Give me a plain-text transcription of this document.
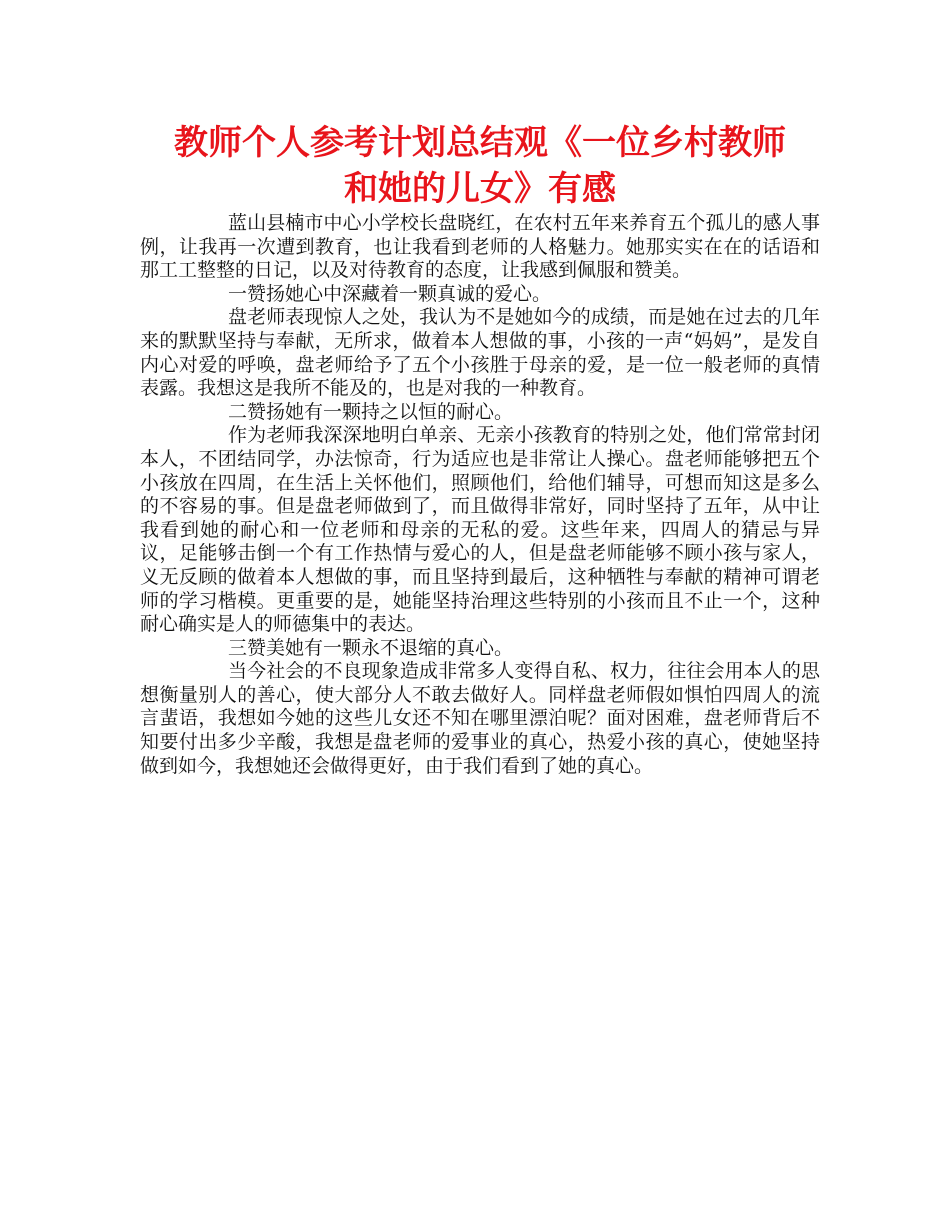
教师个人参考计划总结观《一位乡村教师
和她的儿女》有感

蓝山县楠市中心小学校长盘晓红，在农村五年来养育五个孤儿的感人事例，让我再一次遭到教育，也让我看到老师的人格魅力。她那实实在在的话语和那工工整整的日记，以及对待教育的态度，让我感到佩服和赞美。

一赞扬她心中深藏着一颗真诚的爱心。

盘老师表现惊人之处，我认为不是她如今的成绩，而是她在过去的几年来的默默坚持与奉献，无所求，做着本人想做的事，小孩的一声“妈妈”，是发自内心对爱的呼唤，盘老师给予了五个小孩胜于母亲的爱，是一位一般老师的真情表露。我想这是我所不能及的，也是对我的一种教育。

二赞扬她有一颗持之以恒的耐心。

作为老师我深深地明白单亲、无亲小孩教育的特别之处，他们常常封闭本人，不团结同学，办法惊奇，行为适应也是非常让人操心。盘老师能够把五个小孩放在四周，在生活上关怀他们，照顾他们，给他们辅导，可想而知这是多么的不容易的事。但是盘老师做到了，而且做得非常好，同时坚持了五年，从中让我看到她的耐心和一位老师和母亲的无私的爱。这些年来，四周人的猜忌与异议，足能够击倒一个有工作热情与爱心的人，但是盘老师能够不顾小孩与家人，义无反顾的做着本人想做的事，而且坚持到最后，这种牺牲与奉献的精神可谓老师的学习楷模。更重要的是，她能坚持治理这些特别的小孩而且不止一个，这种耐心确实是人的师德集中的表达。

三赞美她有一颗永不退缩的真心。

当今社会的不良现象造成非常多人变得自私、权力，往往会用本人的思想衡量别人的善心，使大部分人不敢去做好人。同样盘老师假如惧怕四周人的流言蜚语，我想如今她的这些儿女还不知在哪里漂泊呢？面对困难，盘老师背后不知要付出多少辛酸，我想是盘老师的爱事业的真心，热爱小孩的真心，使她坚持做到如今，我想她还会做得更好，由于我们看到了她的真心。
